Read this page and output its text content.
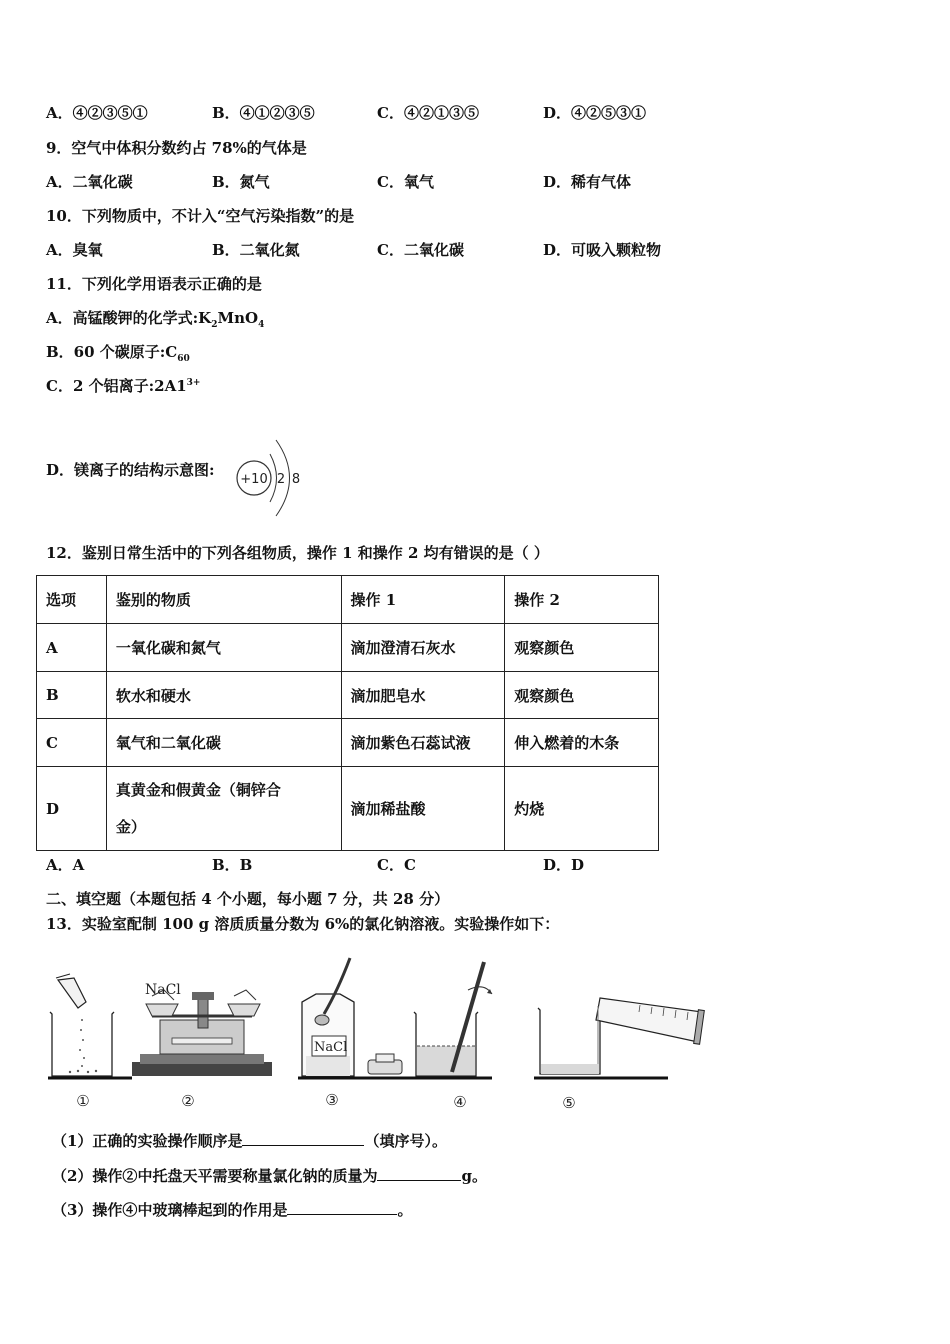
A．④②③⑤①	B．④①②③⑤	C．④②①③⑤	D．④②⑤③①
9．空气中体积分数约占 78%的气体是
A．二氧化碳	B．氮气	C．氧气	D．稀有气体
10．下列物质中，不计入“空气污染指数”的是
A．臭氧	B．二氧化氮	C．二氧化碳	D．可吸入颗粒物
11．下列化学用语表示正确的是
A．高锰酸钾的化学式$:K_2MnO_4$
B．60 个碳原子$:C_{60}$
C．2 个铝离子$:2A1^{3+}$
D．镁离子的结构示意图:
+10 2 8
12．鉴别日常生活中的下列各组物质，操作 1 和操作 2 均有错误的是（ ）
选项	鉴别的物质	操作 1	操作 2
A	一氧化碳和氮气	滴加澄清石灰水	观察颜色
B	软水和硬水	滴加肥皂水	观察颜色
C	氧气和二氧化碳	滴加紫色石蕊试液	伸入燃着的木条
D	真黄金和假黄金（铜锌合
金）	滴加稀盐酸	灼烧
A．A	B．B	C．C	D．D
二、填空题（本题包括 4 个小题，每小题 7 分，共 28 分）
13．实验室配制 100 g 溶质质量分数为 6%的氯化钠溶液。实验操作如下：
NaCl
NaCl
①	②	③	④	⑤
（1）正确的实验操作顺序是	（填序号）。
（2）操作②中托盘天平需要称量氯化钠的质量为	g。
（3）操作④中玻璃棒起到的作用是	。
